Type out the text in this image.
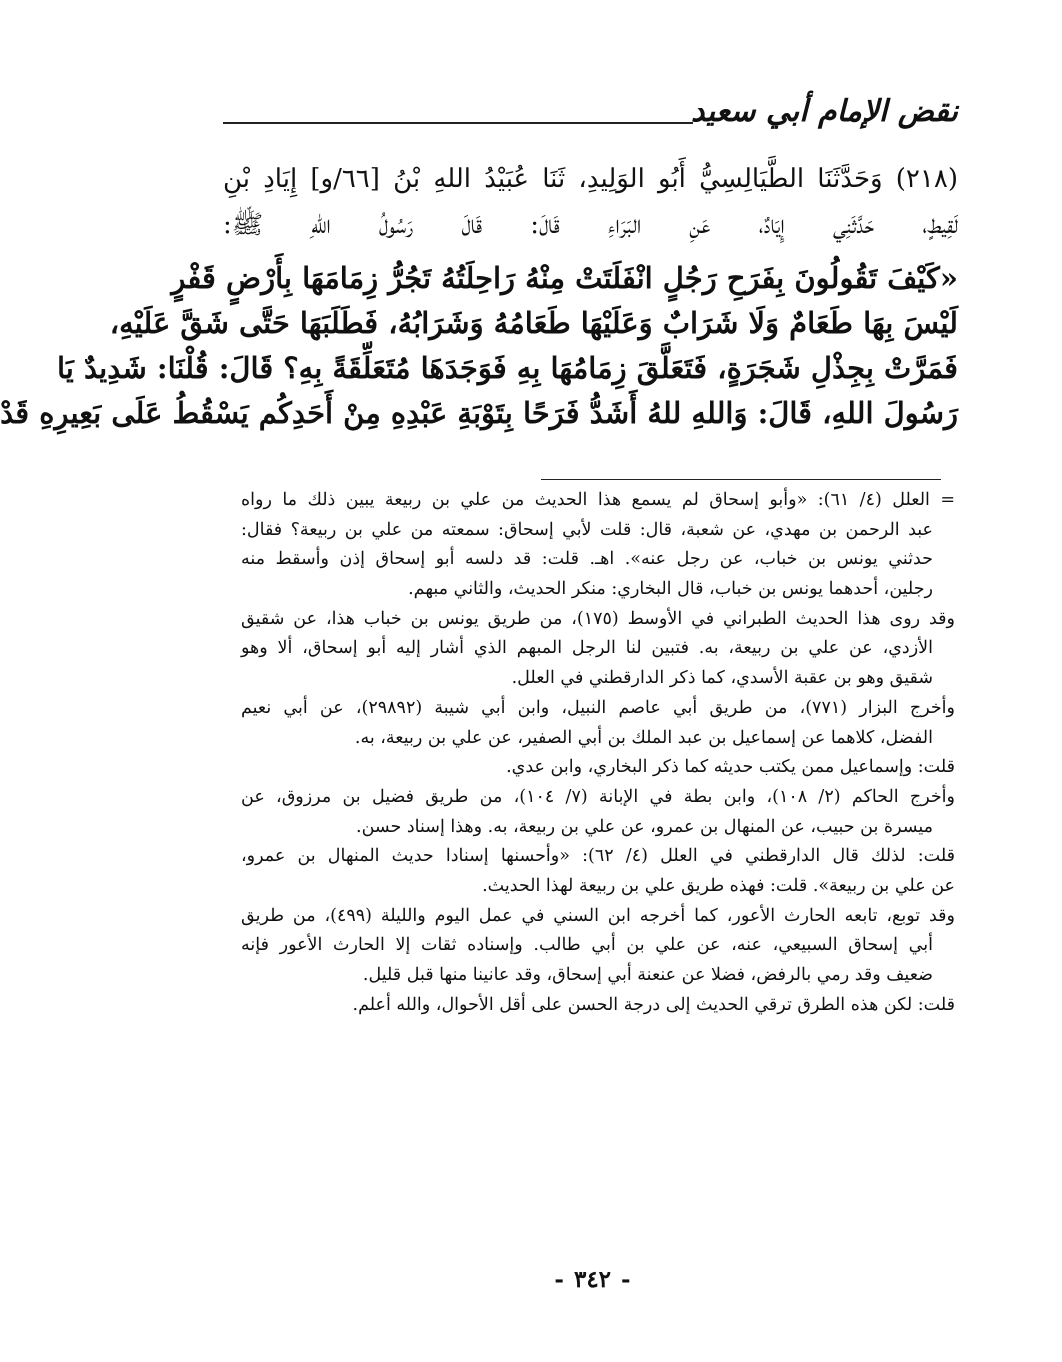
نقض الإمام أبي سعيد

(٢١٨) وَحَدَّثَنَا الطَّيَالِسِيُّ أَبُو الوَلِيدِ، ثَنَا عُبَيْدُ اللهِ بْنُ [٦٦/و] إِيَادِ بْنِ
لَقِيطٍ، حَدَّثَنِي إِيَادٌ، عَنِ البَرَاءِ قَالَ: قَالَ رَسُولُ اللهِ ﷺ:

«كَيْفَ تَقُولُونَ بِفَرَحِ رَجُلٍ انْفَلَتَتْ مِنْهُ رَاحِلَتُهُ تَجُرُّ زِمَامَهَا بِأَرْضٍ قَفْرٍ
لَيْسَ بِهَا طَعَامٌ وَلَا شَرَابٌ وَعَلَيْهَا طَعَامُهُ وَشَرَابُهُ، فَطَلَبَهَا حَتَّى شَقَّ عَلَيْهِ،
فَمَرَّتْ بِجِذْلِ شَجَرَةٍ، فَتَعَلَّقَ زِمَامُهَا بِهِ فَوَجَدَهَا مُتَعَلِّقَةً بِهِ؟ قَالَ: قُلْنَا: شَدِيدٌ يَا
رَسُولَ اللهِ، قَالَ: وَاللهِ للهُ أَشَدُّ فَرَحًا بِتَوْبَةِ عَبْدِهِ مِنْ أَحَدِكُم يَسْقُطُ عَلَى بَعِيرِهِ قَدْ

= العلل (٤/ ٦١): «وأبو إسحاق لم يسمع هذا الحديث من علي بن ربيعة يبين ذلك ما رواه
عبد الرحمن بن مهدي، عن شعبة، قال: قلت لأبي إسحاق: سمعته من علي بن ربيعة؟ فقال:
حدثني يونس بن خباب، عن رجل عنه». اهـ. قلت: قد دلسه أبو إسحاق إذن وأسقط منه
رجلين، أحدهما يونس بن خباب، قال البخاري: منكر الحديث، والثاني مبهم.

وقد روى هذا الحديث الطبراني في الأوسط (١٧٥)، من طريق يونس بن خباب هذا، عن شقيق
الأزدي، عن علي بن ربيعة، به. فتبين لنا الرجل المبهم الذي أشار إليه أبو إسحاق، ألا وهو
شقيق وهو بن عقبة الأسدي، كما ذكر الدارقطني في العلل.

وأخرج البزار (٧٧١)، من طريق أبي عاصم النبيل، وابن أبي شيبة (٢٩٨٩٢)، عن أبي نعيم
الفضل، كلاهما عن إسماعيل بن عبد الملك بن أبي الصفير، عن علي بن ربيعة، به.

قلت: وإسماعيل ممن يكتب حديثه كما ذكر البخاري، وابن عدي.

وأخرج الحاكم (٢/ ١٠٨)، وابن بطة في الإبانة (٧/ ١٠٤)، من طريق فضيل بن مرزوق، عن
ميسرة بن حبيب، عن المنهال بن عمرو، عن علي بن ربيعة، به. وهذا إسناد حسن.

قلت: لذلك قال الدارقطني في العلل (٤/ ٦٢): «وأحسنها إسنادا حديث المنهال بن عمرو،
عن علي بن ربيعة». قلت: فهذه طريق علي بن ربيعة لهذا الحديث.

وقد توبع، تابعه الحارث الأعور، كما أخرجه ابن السني في عمل اليوم والليلة (٤٩٩)، من طريق
أبي إسحاق السبيعي، عنه، عن علي بن أبي طالب. وإسناده ثقات إلا الحارث الأعور فإنه
ضعيف وقد رمي بالرفض، فضلا عن عنعنة أبي إسحاق، وقد عانينا منها قبل قليل.

قلت: لكن هذه الطرق ترقي الحديث إلى درجة الحسن على أقل الأحوال، والله أعلم.

-٣٤٢-
